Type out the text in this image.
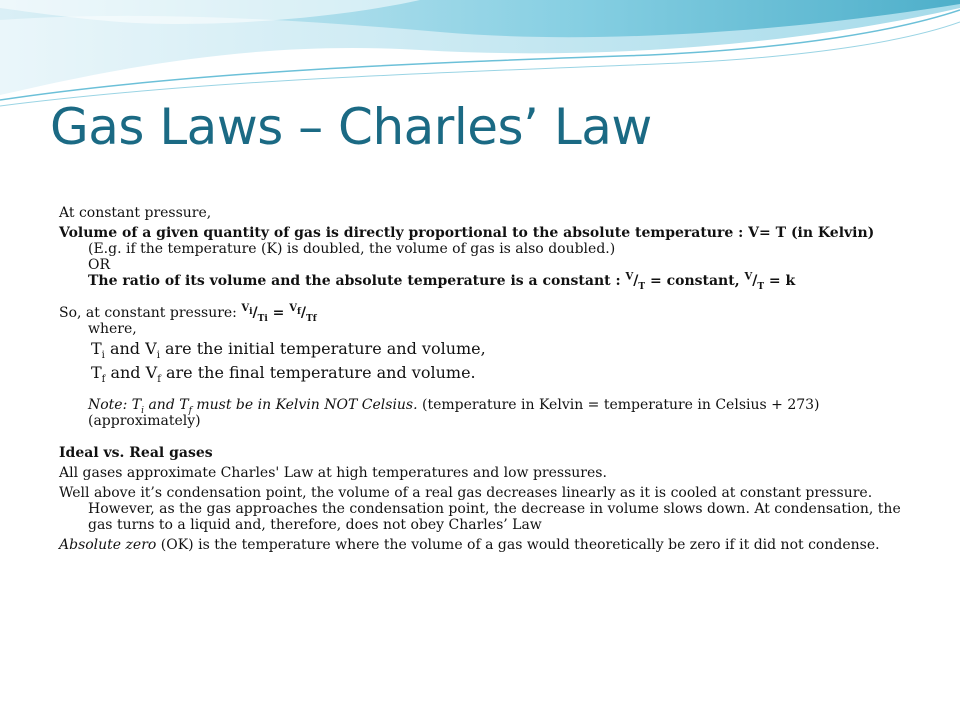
Gas Laws – Charles’ Law

At constant pressure,

Volume of a given quantity of gas is directly proportional to the absolute temperature : V= T (in Kelvin)
(E.g. if the temperature (K) is doubled, the volume of gas is also doubled.)
OR
The ratio of its volume and the absolute temperature is a constant : $^V/_T$ = constant, $^V/_T = k$
So, at constant pressure: $^{V_i}/_{Ti} = ^{V_f}/_{Tf}$
where,
$T_i$ and $V_i$ are the initial temperature and volume,
$T_f$ and $V_f$ are the final temperature and volume.
Note: $T_i$ and $T_f$ must be in Kelvin NOT Celsius. (temperature in Kelvin = temperature in Celsius + 273) (approximately)
Ideal vs. Real gases
All gases approximate Charles' Law at high temperatures and low pressures.
Well above it’s condensation point, the volume of a real gas decreases linearly as it is cooled at constant pressure. However, as the gas approaches the condensation point, the decrease in volume slows down. At condensation, the gas turns to a liquid and, therefore, does not obey Charles’ Law
Absolute zero (OK) is the temperature where the volume of a gas would theoretically be zero if it did not condense.
